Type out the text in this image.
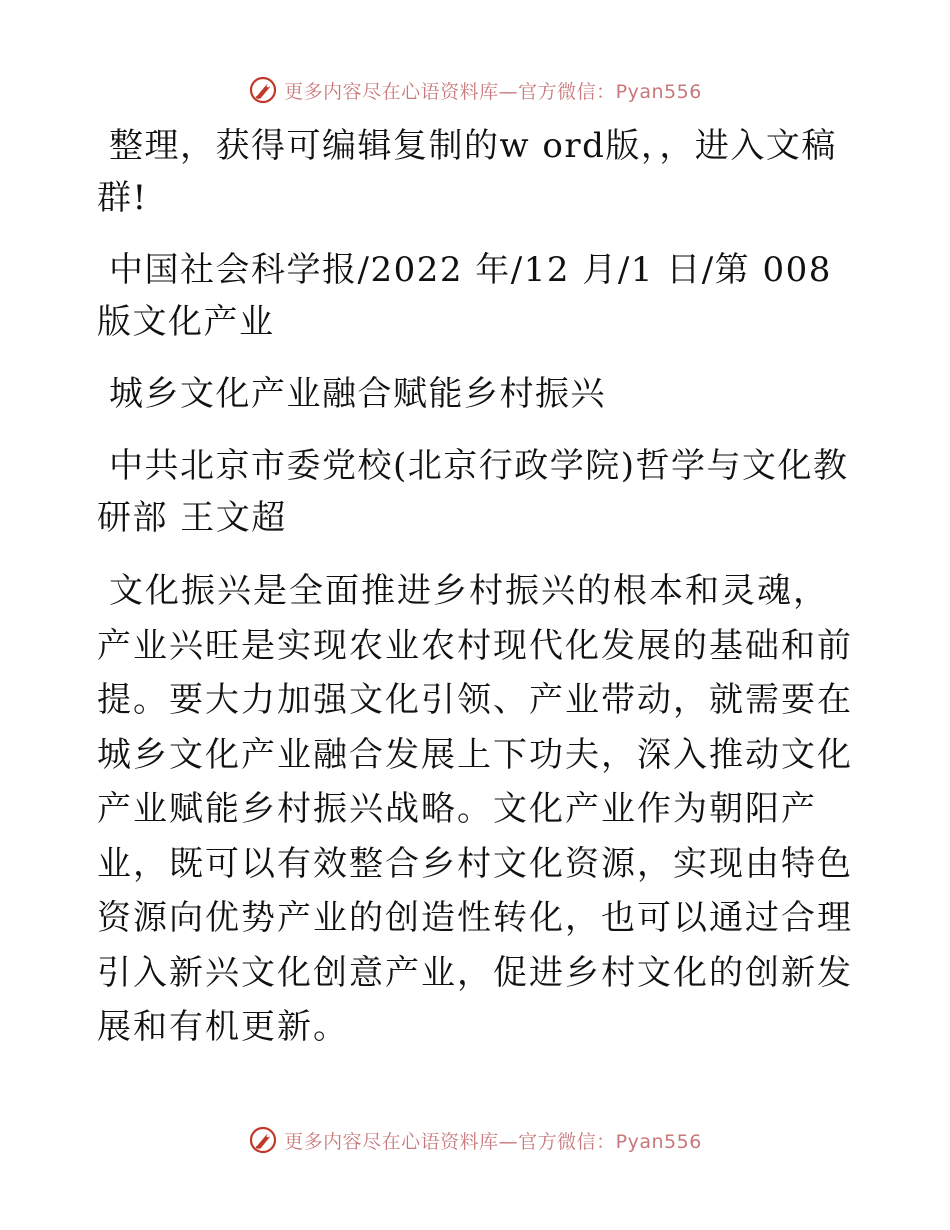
更多内容尽在心语资料库—官方微信：Pyan556

整理，获得可编辑复制的w ord版，，进入文稿群!

中国社会科学报/2022 年/12 月/1 日/第 008 版文化产业

城乡文化产业融合赋能乡村振兴

中共北京市委党校(北京行政学院)哲学与文化教研部 王文超

文化振兴是全面推进乡村振兴的根本和灵魂，产业兴旺是实现农业农村现代化发展的基础和前提。要大力加强文化引领、产业带动，就需要在城乡文化产业融合发展上下功夫，深入推动文化产业赋能乡村振兴战略。文化产业作为朝阳产业，既可以有效整合乡村文化资源，实现由特色资源向优势产业的创造性转化，也可以通过合理引入新兴文化创意产业，促进乡村文化的创新发展和有机更新。

更多内容尽在心语资料库—官方微信：Pyan556
